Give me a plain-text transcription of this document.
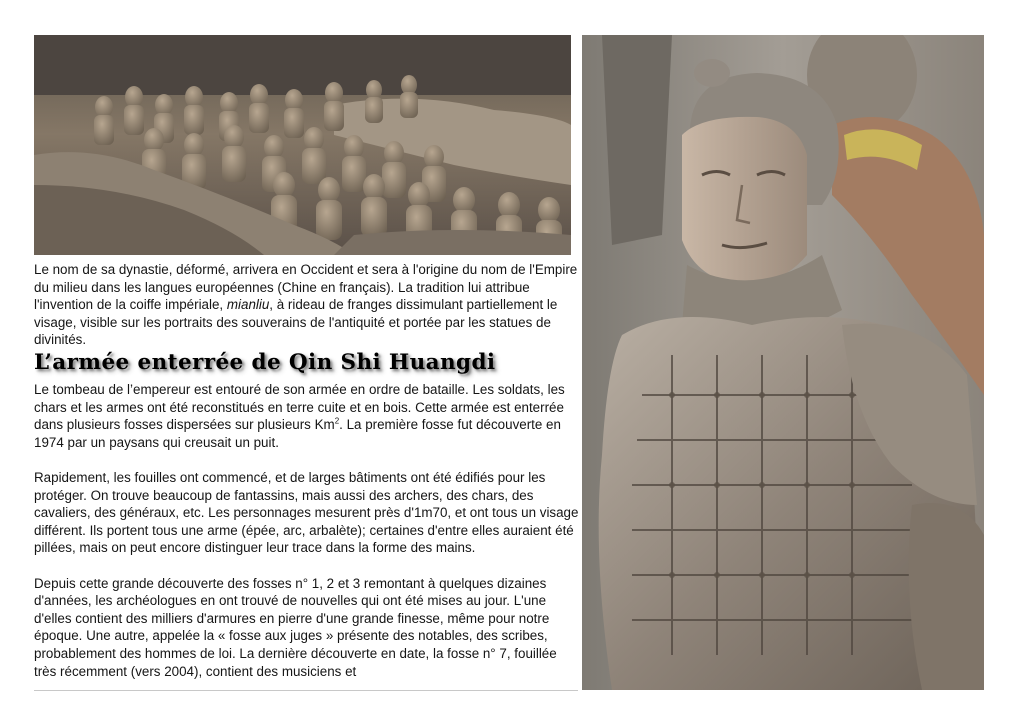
Le nom de sa dynastie, déformé, arrivera en Occident et sera à l'origine du nom de l'Empire du milieu dans les langues européennes (Chine en français). La tradition lui attribue l'invention de la coiffe impériale, mianliu, à rideau de franges dissimulant partiellement le visage, visible sur les portraits des souverains de l'antiquité et portée par les statues de divinités.
L’armée enterrée de Qin Shi Huangdi

Le tombeau de l’empereur est entouré de son armée en ordre de bataille. Les soldats, les chars et les armes ont été reconstitués en terre cuite et en bois. Cette armée est enterrée dans plusieurs fosses dispersées sur plusieurs Km$^2$. La première fosse fut découverte en 1974 par un paysans qui creusait un puit.

Rapidement, les fouilles ont commencé, et de larges bâtiments ont été édifiés pour les protéger. On trouve beaucoup de fantassins, mais aussi des archers, des chars, des cavaliers, des généraux, etc. Les personnages mesurent près d'1m70, et ont tous un visage différent. Ils portent tous une arme (épée, arc, arbalète); certaines d'entre elles auraient été pillées, mais on peut encore distinguer leur trace dans la forme des mains.

Depuis cette grande découverte des fosses n° 1, 2 et 3 remontant à quelques dizaines d'années, les archéologues en ont trouvé de nouvelles qui ont été mises au jour. L'une d'elles contient des milliers d'armures en pierre d'une grande finesse, même pour notre époque. Une autre, appelée la « fosse aux juges » présente des notables, des scribes, probablement des hommes de loi. La dernière découverte en date, la fosse n° 7, fouillée très récemment (vers 2004), contient des musiciens et
